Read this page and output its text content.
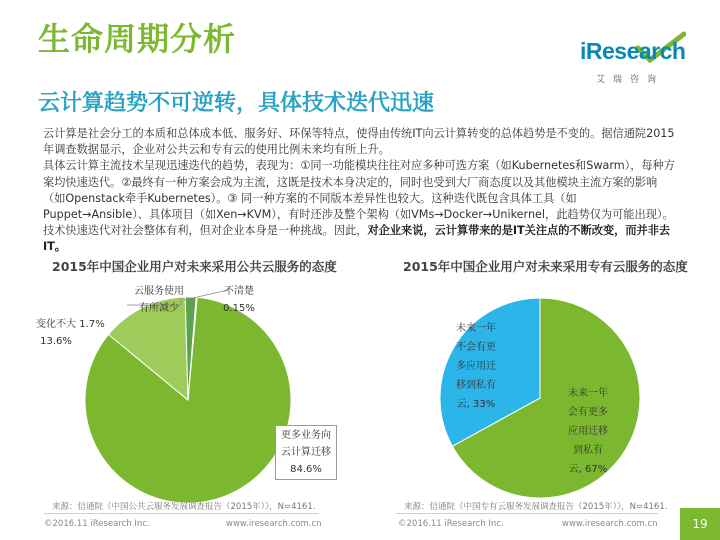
生命周期分析
云计算趋势不可逆转，具体技术迭代迅速
iResearch
艾瑞咨询

云计算是社会分工的本质和总体成本低、服务好、环保等特点，使得由传统IT向云计算转变的总体趋势是不变的。据信通院2015年调查数据显示，企业对公共云和专有云的使用比例未来均有所上升。

具体云计算主流技术呈现迅速迭代的趋势，表现为：①同一功能模块往往对应多种可选方案（如Kubernetes和Swarm），每种方案均快速迭代。②最终有一种方案会成为主流，这既是技术本身决定的，同时也受到大厂商态度以及其他模块主流方案的影响（如Openstack牵手Kubernetes）。③ 同一种方案的不同版本差异性也较大。这种迭代既包含具体工具（如Puppet→Ansible）、具体项目（如Xen→KVM），有时还涉及整个架构（如VMs→Docker→Unikernel，此趋势仅为可能出现）。技术快速迭代对社会整体有利，但对企业本身是一种挑战。因此，对企业来说，云计算带来的是IT关注点的不断改变，而并非去IT。

2015年中国企业用户对未来采用公共云服务的态度	2015年中国企业用户对未来采用专有云服务的态度
云服务使用
有所减少
1.7%
不清楚
0.15%
变化不大
13.6%
更多业务向
云计算迁移
84.6%
未来一年
不会有更
多应用迁
移到私有
云, 33%
未来一年
会有更多
应用迁移
到私有
云, 67%
来源：信通院《中国公共云服务发展调查报告（2015年）》，N=4161.	来源：信通院《中国专有云服务发展调查报告（2015年）》，N=4161.
©2016.11 iResearch Inc.	www.iresearch.com.cn	©2016.11 iResearch Inc.	www.iresearch.com.cn	19
